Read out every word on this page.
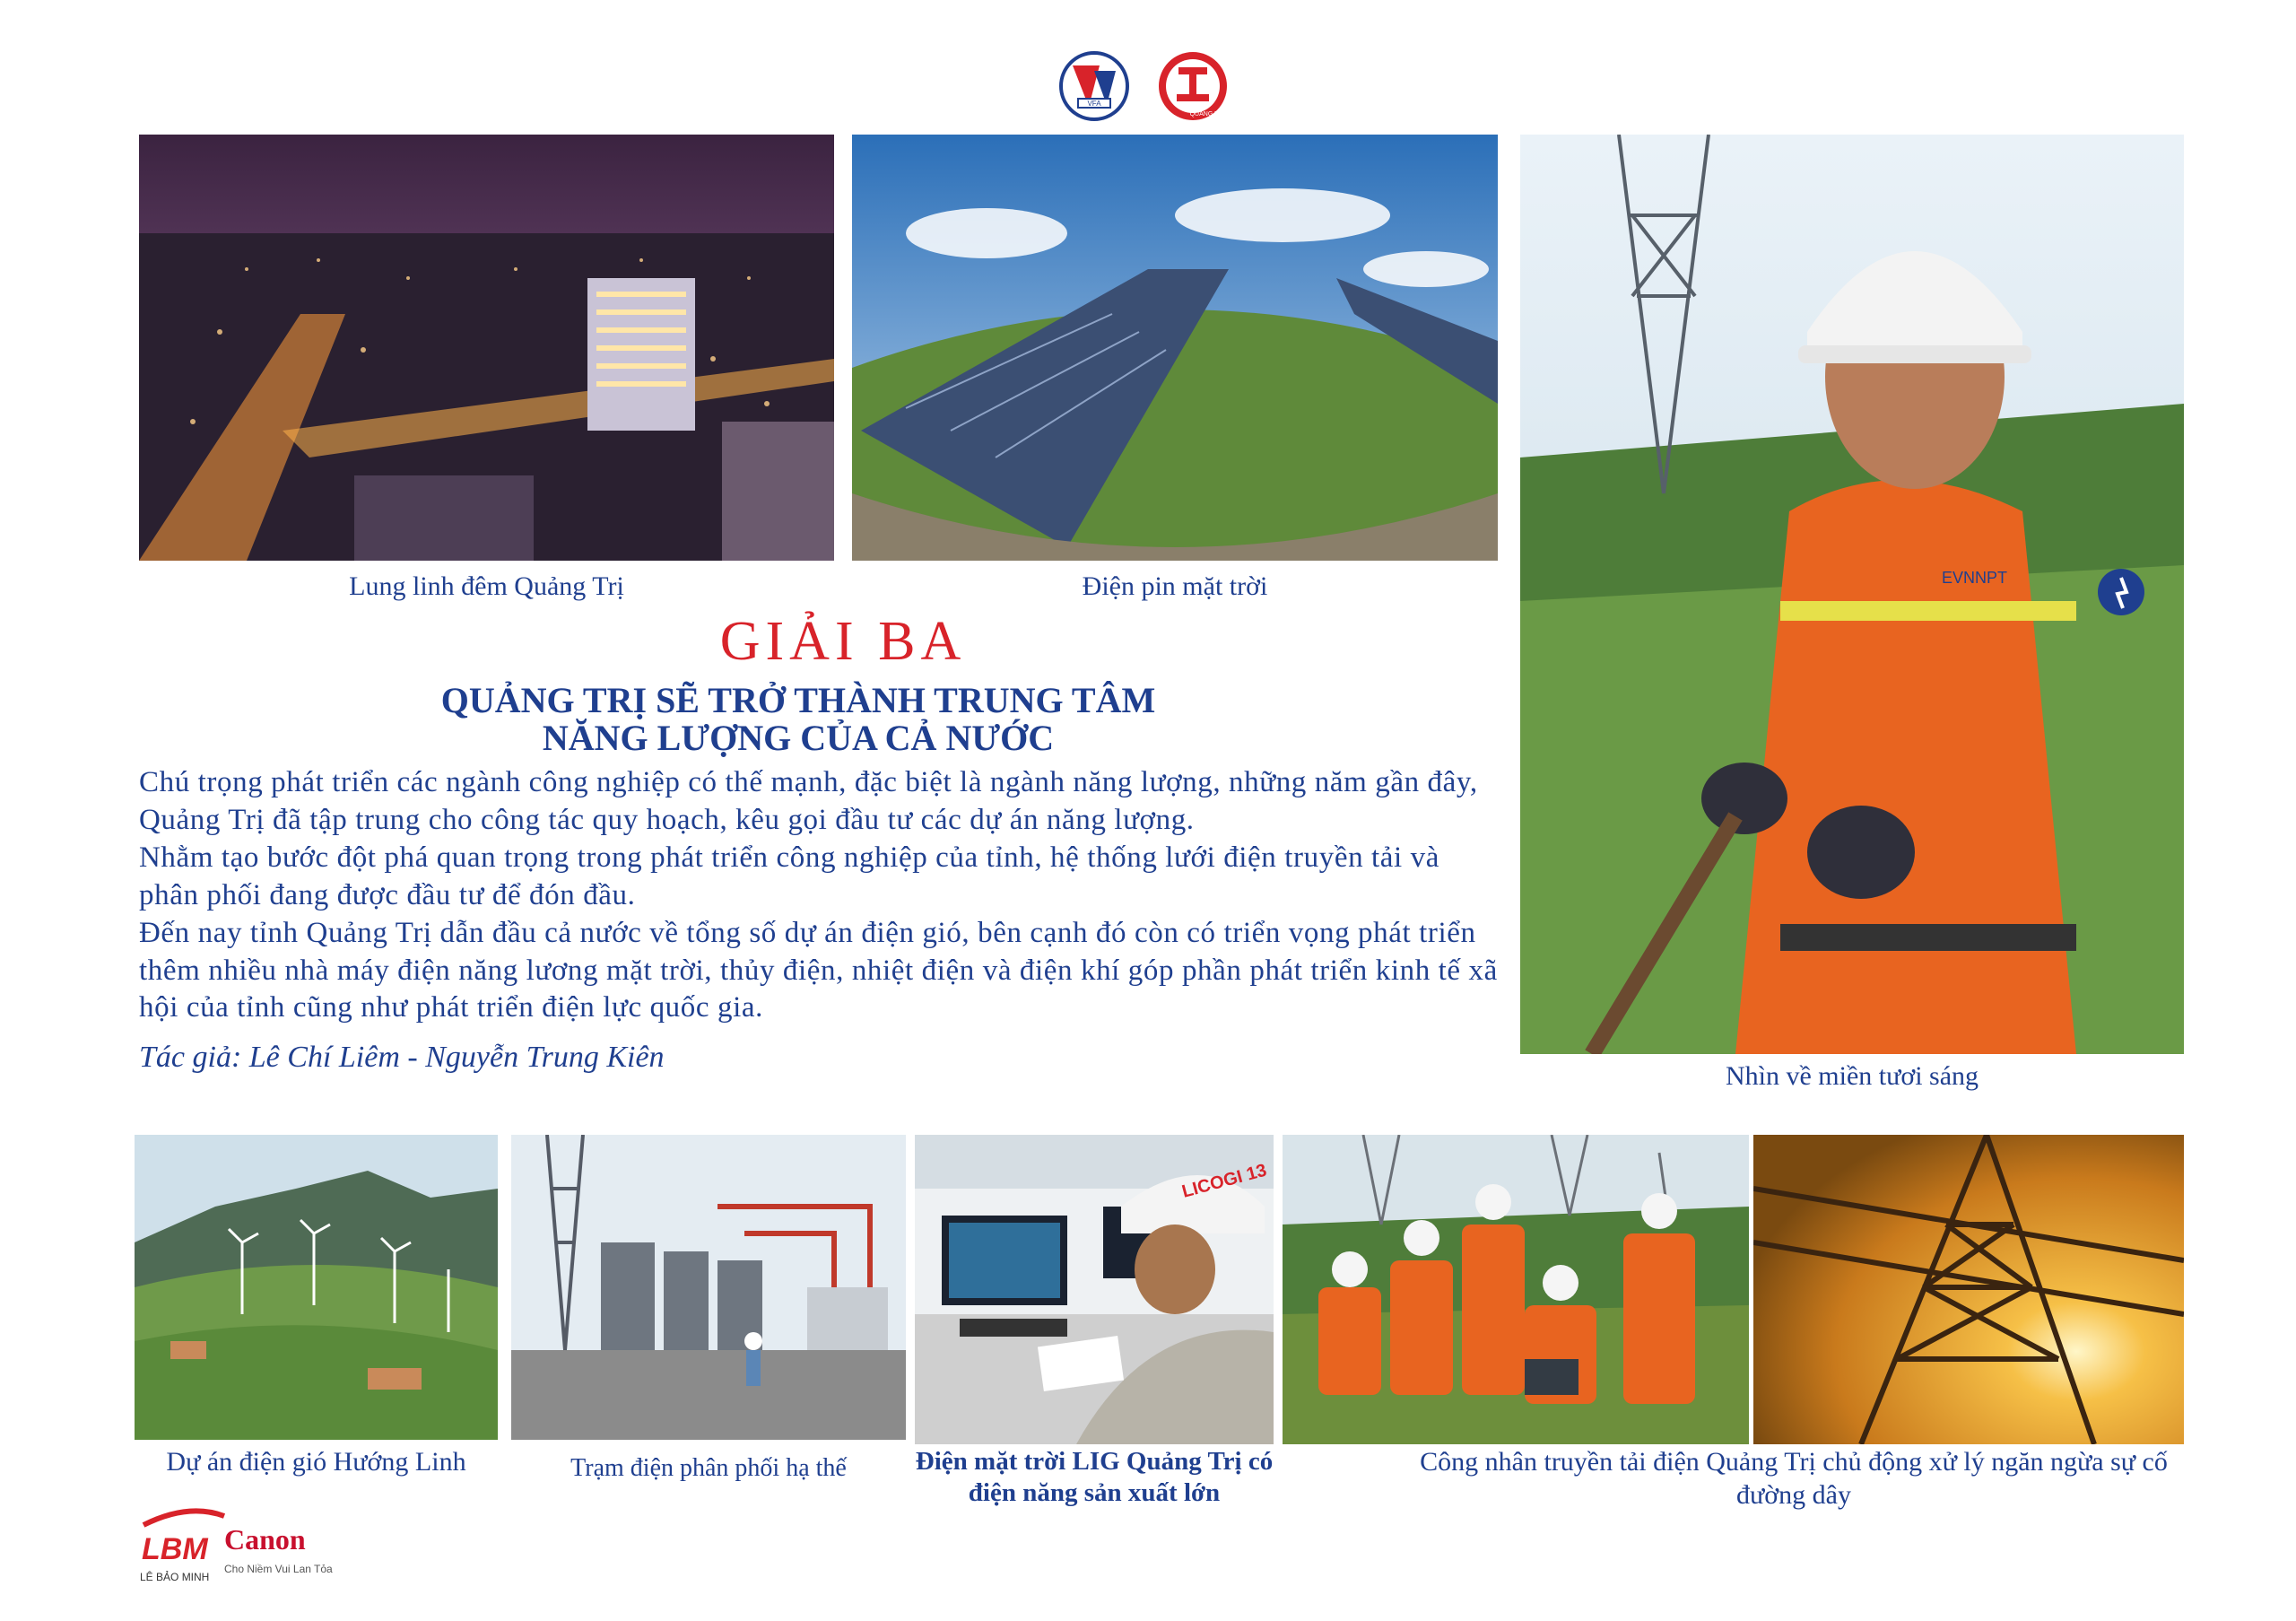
VFA
QUẢNG TRỊ
Lung linh đêm Quảng Trị	Điện pin mặt trời	EVNNPT
Nhìn về miền tươi sáng
GIẢI BA
QUẢNG TRỊ SẼ TRỞ THÀNH TRUNG TÂM
NĂNG LƯỢNG CỦA CẢ NƯỚC

Chú trọng phát triển các ngành công nghiệp có thế mạnh, đặc biệt là ngành năng lượng, những năm gần đây, Quảng Trị đã tập trung cho công tác quy hoạch, kêu gọi đầu tư các dự án năng lượng.

Nhằm tạo bước đột phá quan trọng trong phát triển công nghiệp của tỉnh, hệ thống lưới điện truyền tải và phân phối đang được đầu tư để đón đầu.

Đến nay tỉnh Quảng Trị dẫn đầu cả nước về tổng số dự án điện gió, bên cạnh đó còn có triển vọng phát triển thêm nhiều nhà máy điện năng lương mặt trời, thủy điện, nhiệt điện và điện khí góp phần phát triển kinh tế xã hội của tỉnh cũng như phát triển điện lực quốc gia.

Tác giả: Lê Chí Liêm - Nguyễn Trung Kiên
Dự án điện gió Hướng Linh	Trạm điện phân phối hạ thế
LICOGI 13
Điện mặt trời LIG Quảng Trị có điện năng sản xuất lớn
Công nhân truyền tải điện Quảng Trị chủ động xử lý ngăn ngừa sự cố đường dây
LBM
LÊ BẢO MINH
Canon
Cho Niềm Vui Lan Tỏa
